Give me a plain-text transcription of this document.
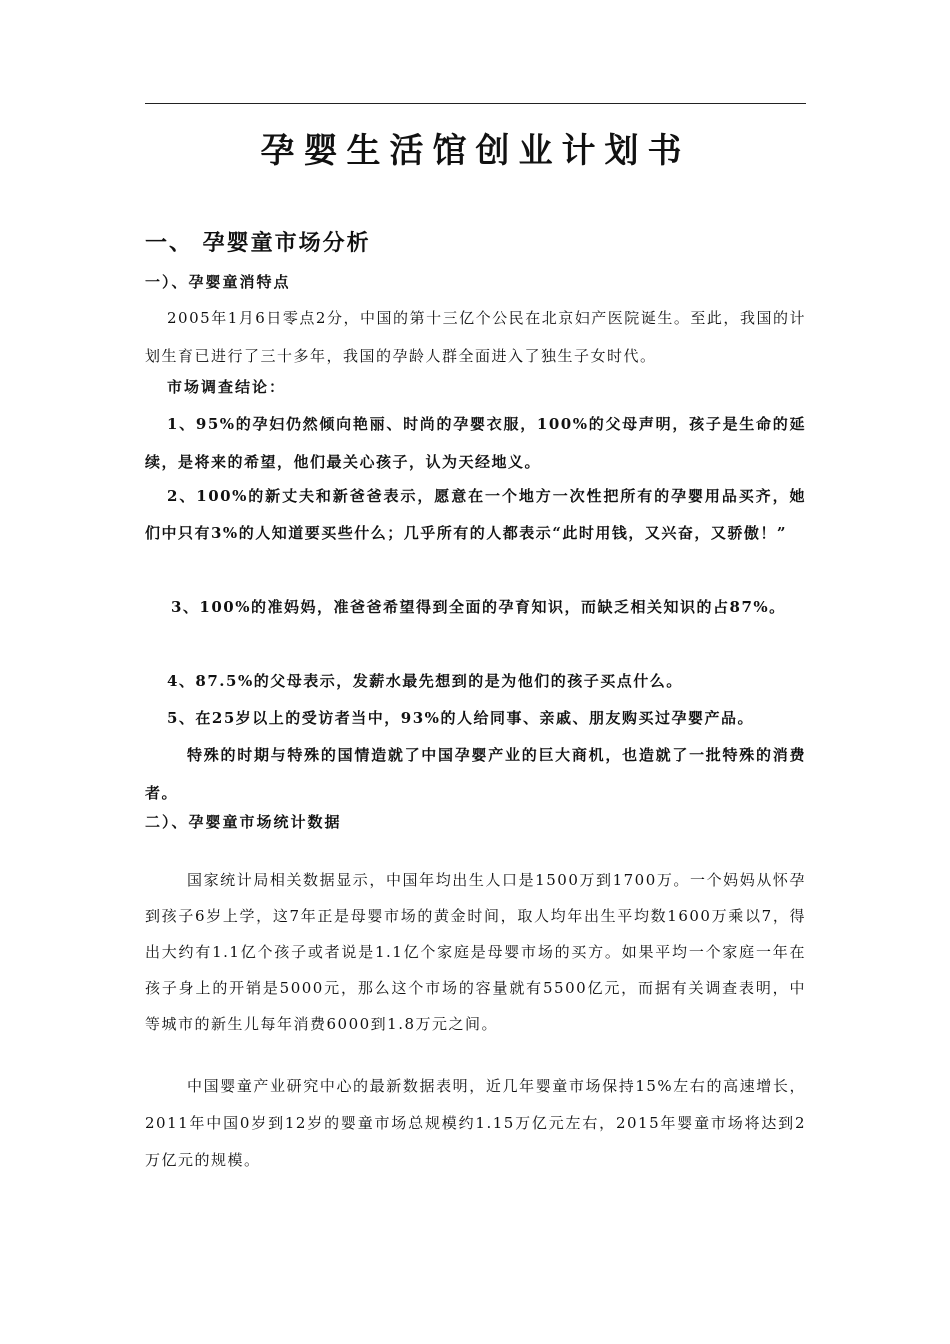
孕婴生活馆创业计划书
一、 孕婴童市场分析
一）、孕婴童消特点

2005年1月6日零点2分，中国的第十三亿个公民在北京妇产医院诞生。至此，我国的计划生育已进行了三十多年，我国的孕龄人群全面进入了独生子女时代。

市场调查结论：

1、95%的孕妇仍然倾向艳丽、时尚的孕婴衣服，100%的父母声明，孩子是生命的延续，是将来的希望，他们最关心孩子，认为天经地义。

2、100%的新丈夫和新爸爸表示，愿意在一个地方一次性把所有的孕婴用品买齐，她们中只有3%的人知道要买些什么；几乎所有的人都表示“此时用钱，又兴奋，又骄傲！”

3、100%的准妈妈，准爸爸希望得到全面的孕育知识，而缺乏相关知识的占87%。

4、87.5%的父母表示，发薪水最先想到的是为他们的孩子买点什么。

5、在25岁以上的受访者当中，93%的人给同事、亲戚、朋友购买过孕婴产品。

特殊的时期与特殊的国情造就了中国孕婴产业的巨大商机，也造就了一批特殊的消费者。

二）、孕婴童市场统计数据

国家统计局相关数据显示，中国年均出生人口是1500万到1700万。一个妈妈从怀孕到孩子6岁上学，这7年正是母婴市场的黄金时间，取人均年出生平均数1600万乘以7，得出大约有1.1亿个孩子或者说是1.1亿个家庭是母婴市场的买方。如果平均一个家庭一年在孩子身上的开销是5000元，那么这个市场的容量就有5500亿元，而据有关调查表明，中等城市的新生儿每年消费6000到1.8万元之间。

中国婴童产业研究中心的最新数据表明，近几年婴童市场保持15%左右的高速增长，2011年中国0岁到12岁的婴童市场总规模约1.15万亿元左右，2015年婴童市场将达到2万亿元的规模。
